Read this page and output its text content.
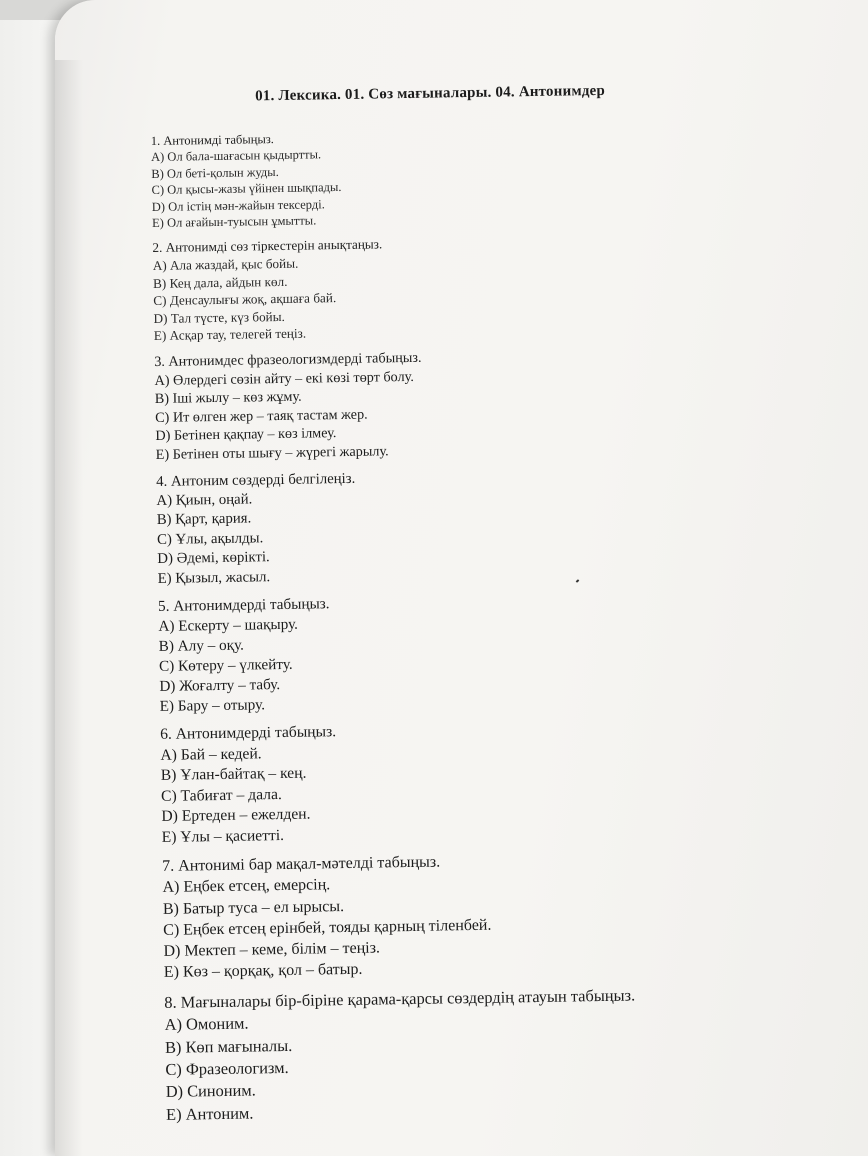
01. Лексика. 01. Сөз мағыналары. 04. Антонимдер
1. Антонимді табыңыз.
A) Ол бала-шағасын қыдыртты.
B) Ол беті-қолын жуды.
C) Ол қысы-жазы үйінен шықпады.
D) Ол істің мән-жайын тексерді.
E) Ол ағайын-туысын ұмытты.
2. Антонимді сөз тіркестерін анықтаңыз.
A) Ала жаздай, қыс бойы.
B) Кең дала, айдын көл.
C) Денсаулығы жоқ, ақшаға бай.
D) Тал түсте, күз бойы.
E) Асқар тау, телегей теңіз.
3. Антонимдес фразеологизмдерді табыңыз.
A) Өлердегі сөзін айту – екі көзі төрт болу.
B) Іші жылу – көз жұму.
C) Ит өлген жер – таяқ тастам жер.
D) Бетінен қақпау – көз ілмеу.
E) Бетінен оты шығу – жүрегі жарылу.
4. Антоним сөздерді белгілеңіз.
A) Қиын, оңай.
B) Қарт, қария.
C) Ұлы, ақылды.
D) Әдемі, көрікті.
E) Қызыл, жасыл.
5. Антонимдерді табыңыз.
A) Ескерту – шақыру.
B) Алу – оқу.
C) Көтеру – үлкейту.
D) Жоғалту – табу.
E) Бару – отыру.
6. Антонимдерді табыңыз.
A) Бай – кедей.
B) Ұлан-байтақ – кең.
C) Табиғат – дала.
D) Ертеден – ежелден.
E) Ұлы – қасиетті.
7. Антонимі бар мақал-мәтелді табыңыз.
A) Еңбек етсең, емерсің.
B) Батыр туса – ел ырысы.
C) Еңбек етсең ерінбей, тояды қарның тіленбей.
D) Мектеп – кеме, білім – теңіз.
E) Көз – қорқақ, қол – батыр.
8. Мағыналары бір-біріне қарама-қарсы сөздердің атауын табыңыз.
A) Омоним.
B) Көп мағыналы.
C) Фразеологизм.
D) Синоним.
E) Антоним.
